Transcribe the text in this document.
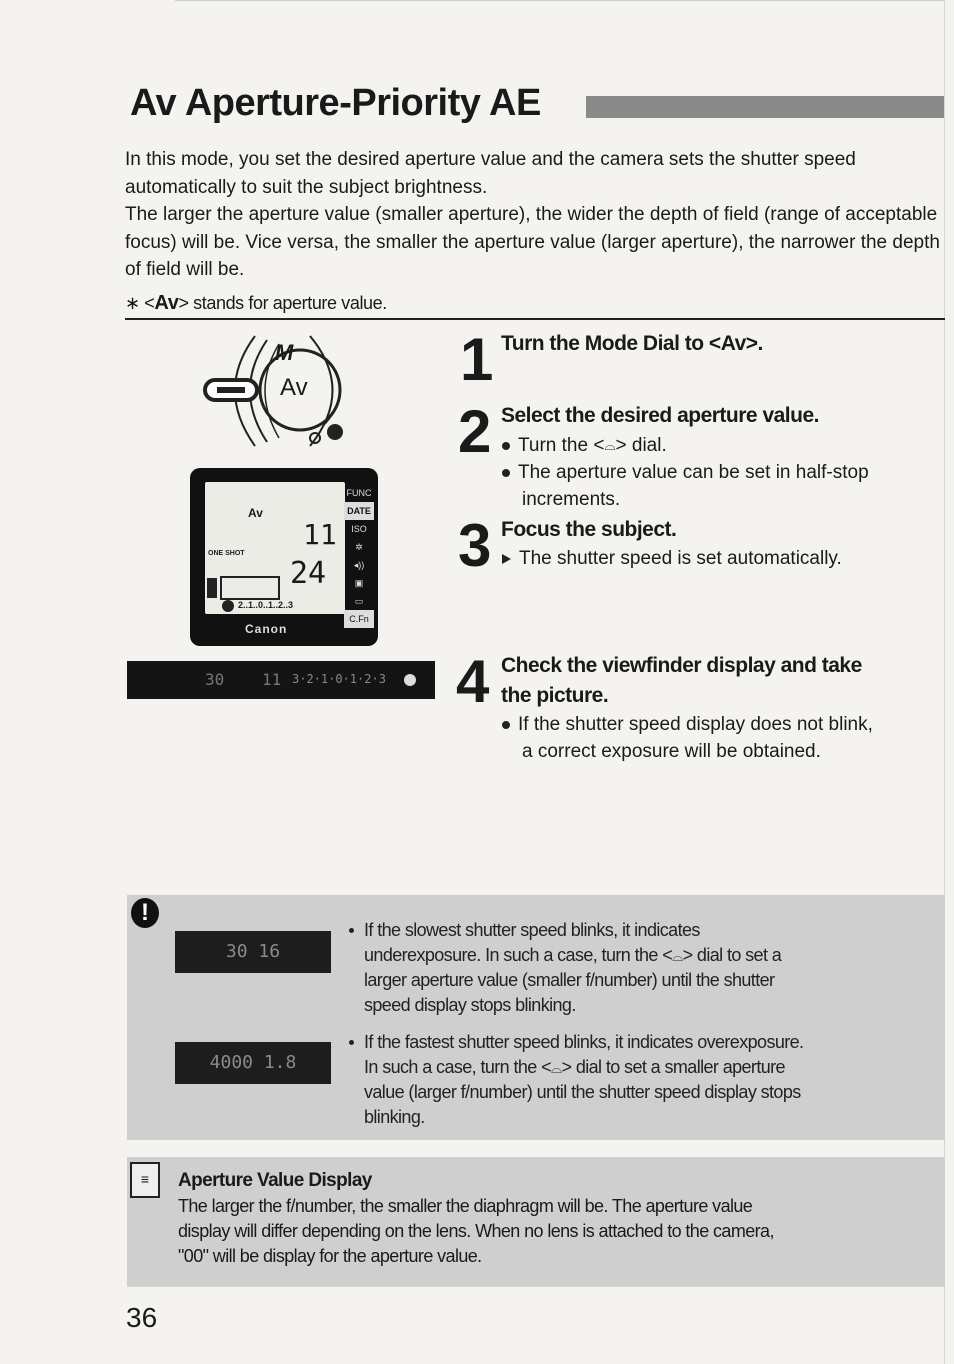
Av Aperture-Priority AE

In this mode, you set the desired aperture value and the camera sets the shutter speed automatically to suit the subject brightness.

The larger the aperture value (smaller aperture), the wider the depth of field (range of acceptable focus) will be. Vice versa, the smaller the aperture value (larger aperture), the narrower the depth of field will be.

∗ <Av> stands for aperture value.
Av
M
Av
11
ONE SHOT
24
2..1..0..1..2..3
FUNC
DATE
ISO
✲
◂))
▣
▭
C.Fn
Canon
30 11 3·2·1·0·1·2·3
1 Turn the Mode Dial to <Av>.
2 Select the desired aperture value.
Turn the <⌓> dial.
The aperture value can be set in half-stop increments.
3 Focus the subject.
The shutter speed is set automatically.
4 Check the viewfinder display and take
the picture.
If the shutter speed display does not blink,
a correct exposure will be obtained.
!
30 16
4000 1.8
If the slowest shutter speed blinks, it indicates
underexposure. In such a case, turn the <⌓> dial to set a
larger aperture value (smaller f/number) until the shutter
speed display stops blinking.
If the fastest shutter speed blinks, it indicates overexposure.
In such a case, turn the <⌓> dial to set a smaller aperture
value (larger f/number) until the shutter speed display stops
blinking.
≡	Aperture Value Display
The larger the f/number, the smaller the diaphragm will be. The aperture value
display will differ depending on the lens. When no lens is attached to the camera,
"00" will be display for the aperture value.
36
